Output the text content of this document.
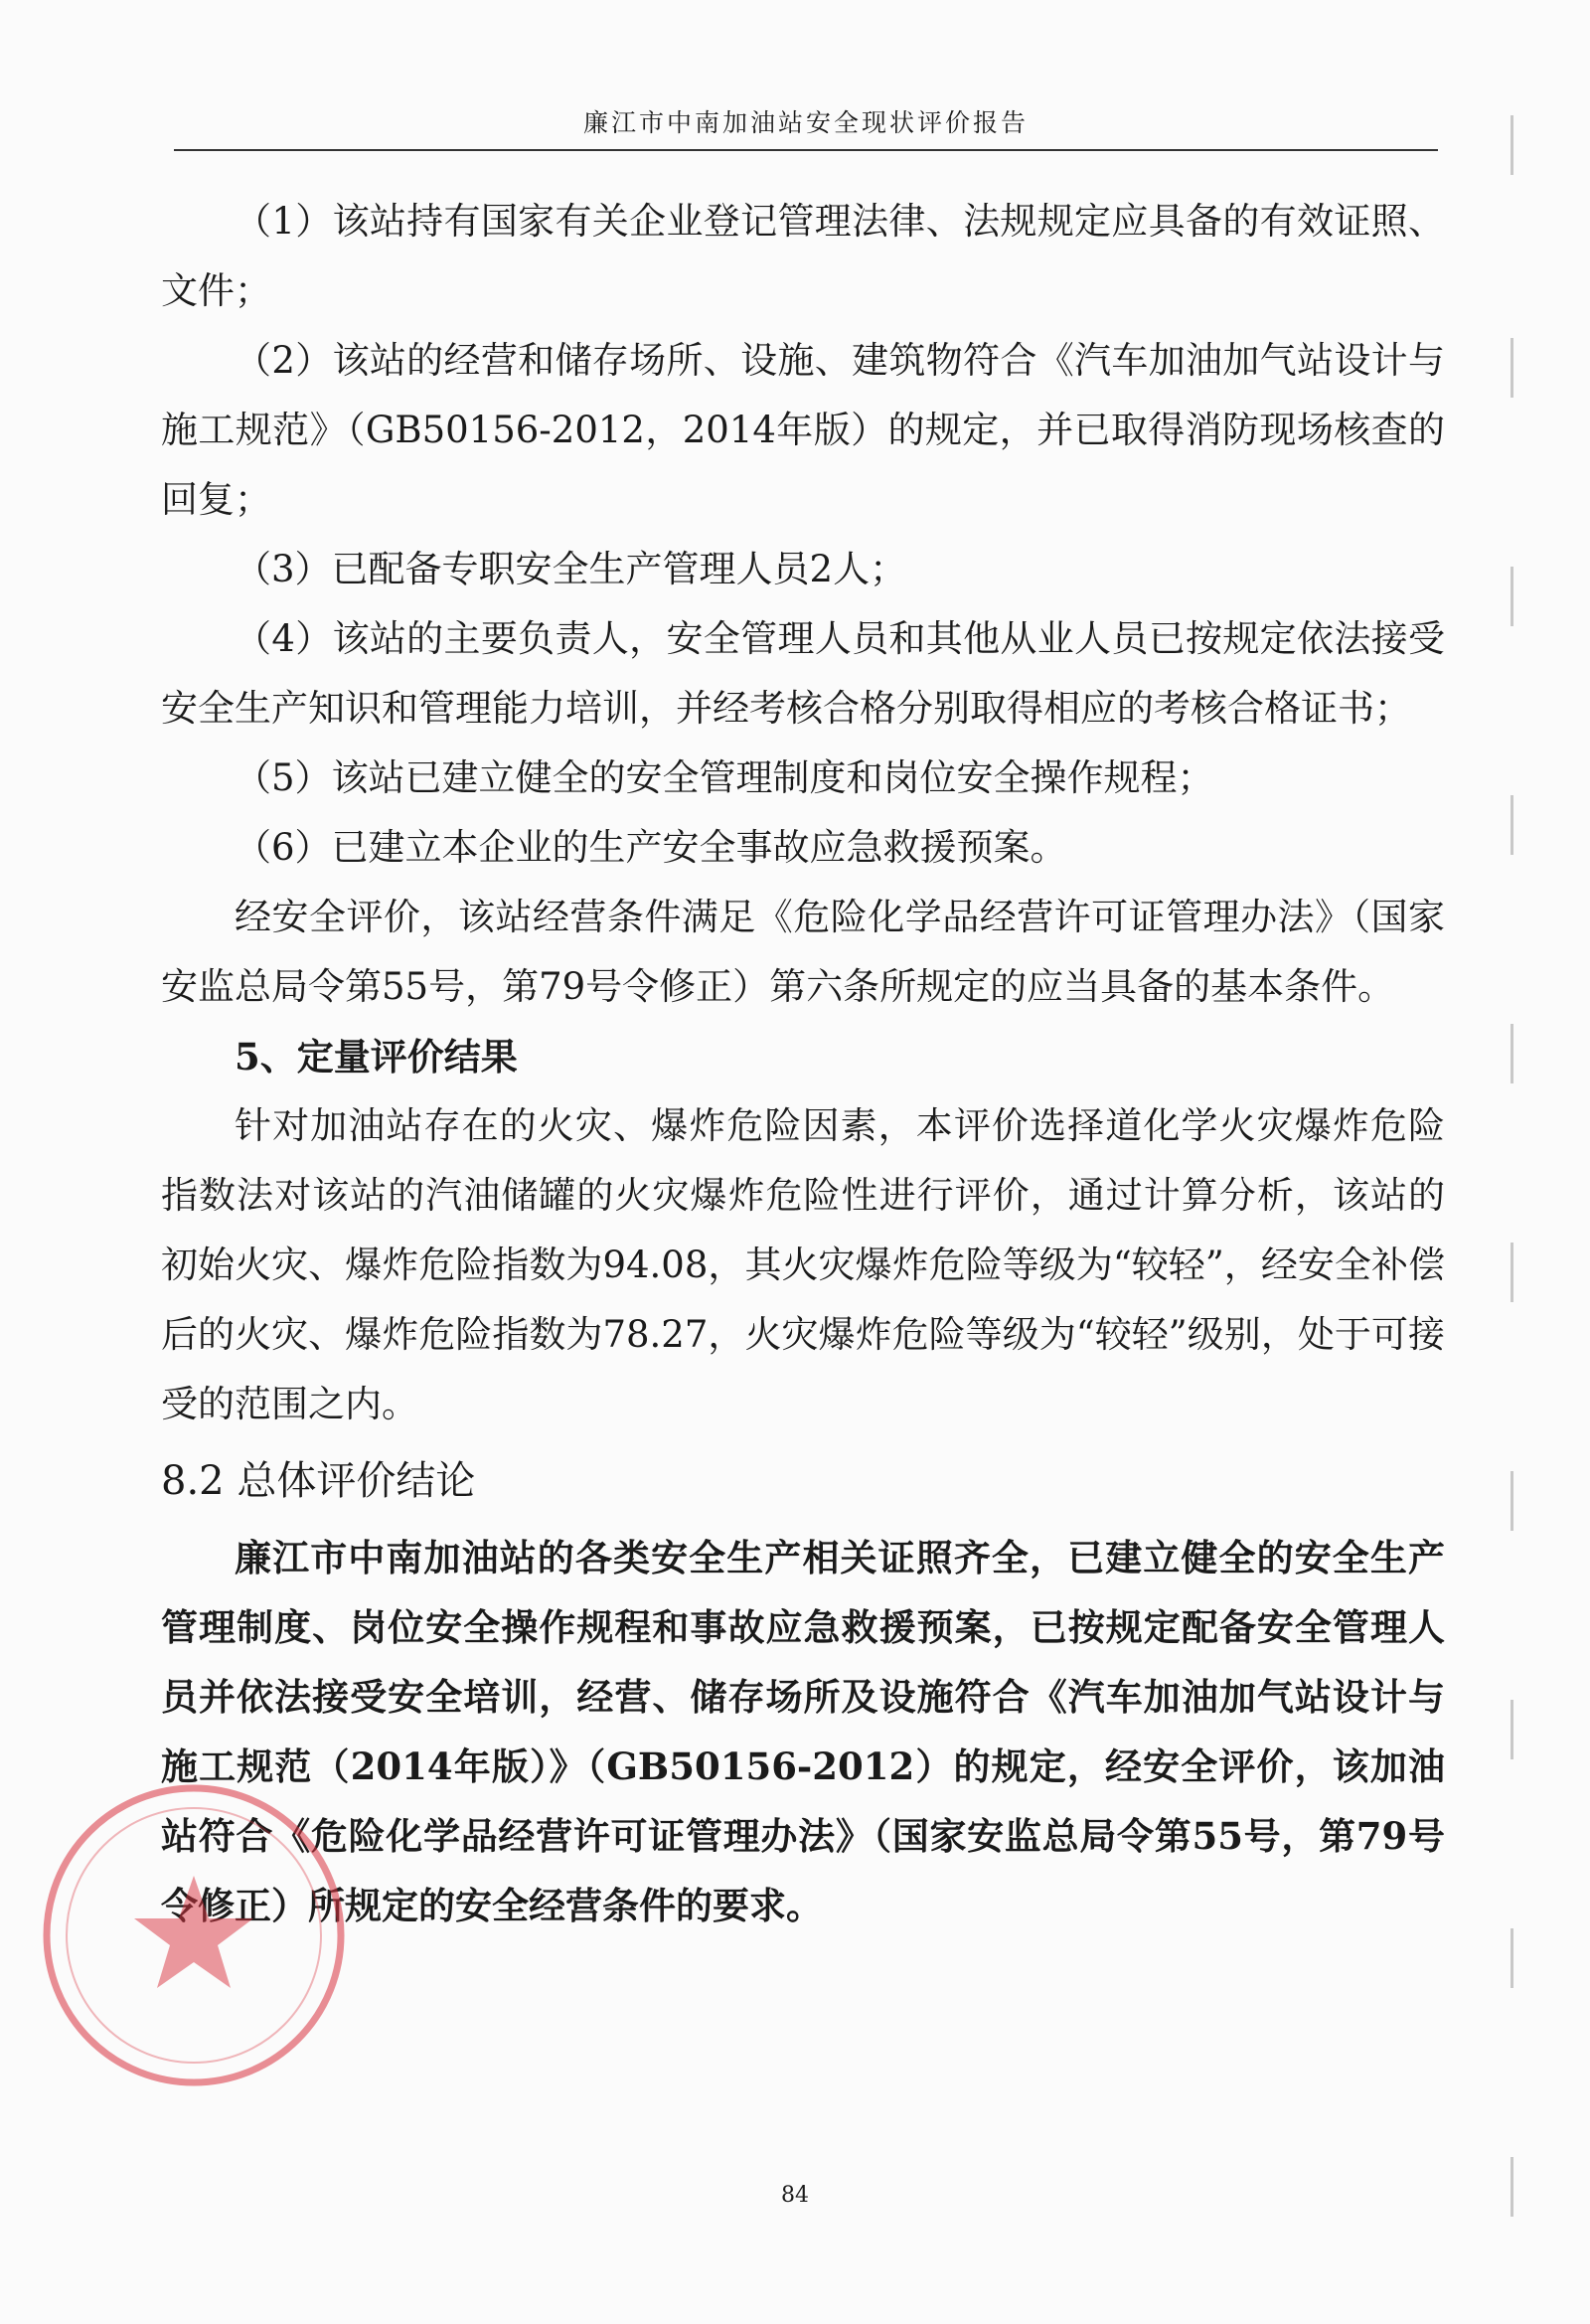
廉江市中南加油站安全现状评价报告

（1）该站持有国家有关企业登记管理法律、法规规定应具备的有效证照、文件；

（2）该站的经营和储存场所、设施、建筑物符合《汽车加油加气站设计与施工规范》（GB50156-2012，2014年版）的规定，并已取得消防现场核查的回复；

（3）已配备专职安全生产管理人员2人；

（4）该站的主要负责人，安全管理人员和其他从业人员已按规定依法接受安全生产知识和管理能力培训，并经考核合格分别取得相应的考核合格证书；

（5）该站已建立健全的安全管理制度和岗位安全操作规程；

（6）已建立本企业的生产安全事故应急救援预案。

经安全评价，该站经营条件满足《危险化学品经营许可证管理办法》（国家安监总局令第55号，第79号令修正）第六条所规定的应当具备的基本条件。

5、定量评价结果

针对加油站存在的火灾、爆炸危险因素，本评价选择道化学火灾爆炸危险指数法对该站的汽油储罐的火灾爆炸危险性进行评价，通过计算分析，该站的初始火灾、爆炸危险指数为94.08，其火灾爆炸危险等级为“较轻”，经安全补偿后的火灾、爆炸危险指数为78.27，火灾爆炸危险等级为“较轻”级别，处于可接受的范围之内。

8.2 总体评价结论

廉江市中南加油站的各类安全生产相关证照齐全，已建立健全的安全生产管理制度、岗位安全操作规程和事故应急救援预案，已按规定配备安全管理人员并依法接受安全培训，经营、储存场所及设施符合《汽车加油加气站设计与施工规范（2014年版）》（GB50156-2012）的规定，经安全评价，该加油站符合《危险化学品经营许可证管理办法》（国家安监总局令第55号，第79号令修正）所规定的安全经营条件的要求。

84
